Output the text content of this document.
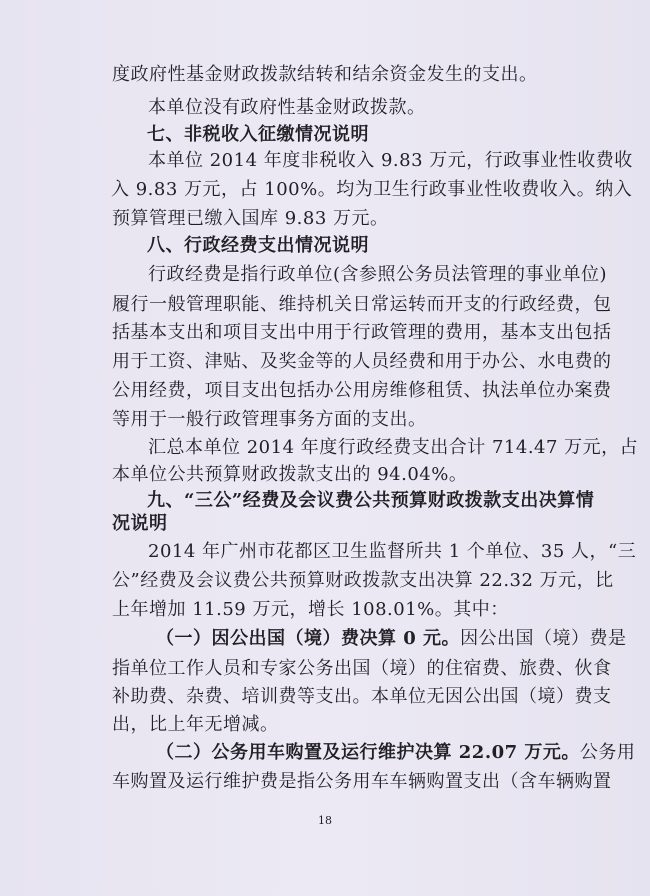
度政府性基金财政拨款结转和结余资金发生的支出。
本单位没有政府性基金财政拨款。
七、非税收入征缴情况说明
本单位 2014 年度非税收入 9.83 万元，行政事业性收费收
入 9.83 万元，占 100%。均为卫生行政事业性收费收入。纳入
预算管理已缴入国库 9.83 万元。
八、行政经费支出情况说明
行政经费是指行政单位(含参照公务员法管理的事业单位)
履行一般管理职能、维持机关日常运转而开支的行政经费，包
括基本支出和项目支出中用于行政管理的费用，基本支出包括
用于工资、津贴、及奖金等的人员经费和用于办公、水电费的
公用经费，项目支出包括办公用房维修租赁、执法单位办案费
等用于一般行政管理事务方面的支出。
汇总本单位 2014 年度行政经费支出合计 714.47 万元，占
本单位公共预算财政拨款支出的 94.04%。
九、“三公”经费及会议费公共预算财政拨款支出决算情
况说明
2014 年广州市花都区卫生监督所共 1 个单位、35 人，“三
公”经费及会议费公共预算财政拨款支出决算 22.32 万元，比
上年增加 11.59 万元，增长 108.01%。其中：
（一）因公出国（境）费决算 0 元。因公出国（境）费是
指单位工作人员和专家公务出国（境）的住宿费、旅费、伙食
补助费、杂费、培训费等支出。本单位无因公出国（境）费支
出，比上年无增减。
（二）公务用车购置及运行维护决算 22.07 万元。公务用
车购置及运行维护费是指公务用车车辆购置支出（含车辆购置
18
